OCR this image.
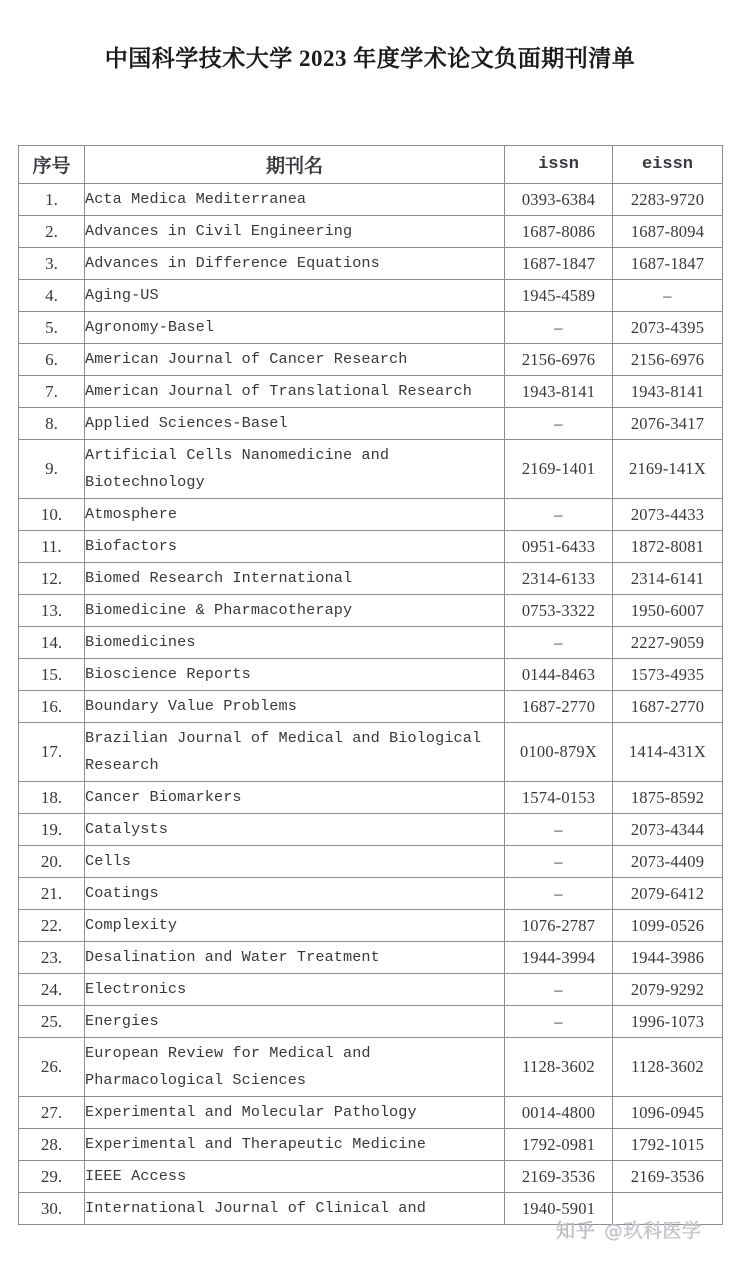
中国科学技术大学 2023 年度学术论文负面期刊清单
序号	期刊名	issn	eissn
1.	Acta Medica Mediterranea	0393-6384	2283-9720
2.	Advances in Civil Engineering	1687-8086	1687-8094
3.	Advances in Difference Equations	1687-1847	1687-1847
4.	Aging-US	1945-4589	–
5.	Agronomy-Basel	–	2073-4395
6.	American Journal of Cancer Research	2156-6976	2156-6976
7.	American Journal of Translational Research	1943-8141	1943-8141
8.	Applied Sciences-Basel	–	2076-3417
9.	Artificial Cells Nanomedicine and
Biotechnology	2169-1401	2169-141X
10.	Atmosphere	–	2073-4433
11.	Biofactors	0951-6433	1872-8081
12.	Biomed Research International	2314-6133	2314-6141
13.	Biomedicine & Pharmacotherapy	0753-3322	1950-6007
14.	Biomedicines	–	2227-9059
15.	Bioscience Reports	0144-8463	1573-4935
16.	Boundary Value Problems	1687-2770	1687-2770
17.	Brazilian Journal of Medical and Biological
Research	0100-879X	1414-431X
18.	Cancer Biomarkers	1574-0153	1875-8592
19.	Catalysts	–	2073-4344
20.	Cells	–	2073-4409
21.	Coatings	–	2079-6412
22.	Complexity	1076-2787	1099-0526
23.	Desalination and Water Treatment	1944-3994	1944-3986
24.	Electronics	–	2079-9292
25.	Energies	–	1996-1073
26.	European Review for Medical and
Pharmacological Sciences	1128-3602	1128-3602
27.	Experimental and Molecular Pathology	0014-4800	1096-0945
28.	Experimental and Therapeutic Medicine	1792-0981	1792-1015
29.	IEEE Access	2169-3536	2169-3536
30.	International Journal of Clinical and	1940-5901	
知乎 @玖科医学
